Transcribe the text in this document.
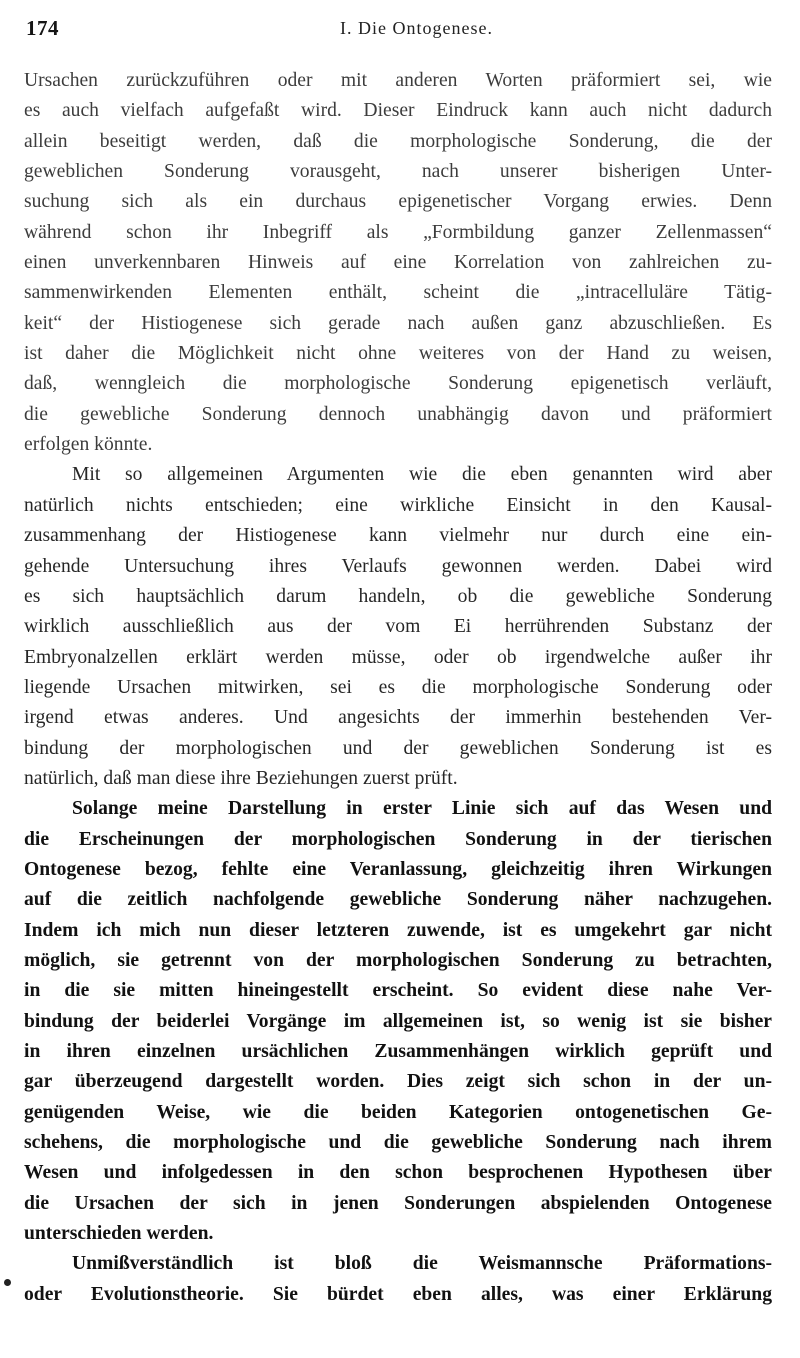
174	I. Die Ontogenese.
Ursachen zurückzuführen oder mit anderen Worten präformiert sei, wie
es auch vielfach aufgefaßt wird. Dieser Eindruck kann auch nicht dadurch
allein beseitigt werden, daß die morphologische Sonderung, die der
geweblichen Sonderung vorausgeht, nach unserer bisherigen Unter-
suchung sich als ein durchaus epigenetischer Vorgang erwies. Denn
während schon ihr Inbegriff als „Formbildung ganzer Zellenmassen“
einen unverkennbaren Hinweis auf eine Korrelation von zahlreichen zu-
sammenwirkenden Elementen enthält, scheint die „intracelluläre Tätig-
keit“ der Histiogenese sich gerade nach außen ganz abzuschließen. Es
ist daher die Möglichkeit nicht ohne weiteres von der Hand zu weisen,
daß, wenngleich die morphologische Sonderung epigenetisch verläuft,
die gewebliche Sonderung dennoch unabhängig davon und präformiert
erfolgen könnte.
Mit so allgemeinen Argumenten wie die eben genannten wird aber
natürlich nichts entschieden; eine wirkliche Einsicht in den Kausal-
zusammenhang der Histiogenese kann vielmehr nur durch eine ein-
gehende Untersuchung ihres Verlaufs gewonnen werden. Dabei wird
es sich hauptsächlich darum handeln, ob die gewebliche Sonderung
wirklich ausschließlich aus der vom Ei herrührenden Substanz der
Embryonalzellen erklärt werden müsse, oder ob irgendwelche außer ihr
liegende Ursachen mitwirken, sei es die morphologische Sonderung oder
irgend etwas anderes. Und angesichts der immerhin bestehenden Ver-
bindung der morphologischen und der geweblichen Sonderung ist es
natürlich, daß man diese ihre Beziehungen zuerst prüft.
Solange meine Darstellung in erster Linie sich auf das Wesen und
die Erscheinungen der morphologischen Sonderung in der tierischen
Ontogenese bezog, fehlte eine Veranlassung, gleichzeitig ihren Wirkungen
auf die zeitlich nachfolgende gewebliche Sonderung näher nachzugehen.
Indem ich mich nun dieser letzteren zuwende, ist es umgekehrt gar nicht
möglich, sie getrennt von der morphologischen Sonderung zu betrachten,
in die sie mitten hineingestellt erscheint. So evident diese nahe Ver-
bindung der beiderlei Vorgänge im allgemeinen ist, so wenig ist sie bisher
in ihren einzelnen ursächlichen Zusammenhängen wirklich geprüft und
gar überzeugend dargestellt worden. Dies zeigt sich schon in der un-
genügenden Weise, wie die beiden Kategorien ontogenetischen Ge-
schehens, die morphologische und die gewebliche Sonderung nach ihrem
Wesen und infolgedessen in den schon besprochenen Hypothesen über
die Ursachen der sich in jenen Sonderungen abspielenden Ontogenese
unterschieden werden.
Unmißverständlich ist bloß die Weismannsche Präformations-
oder Evolutionstheorie. Sie bürdet eben alles, was einer Erklärung
